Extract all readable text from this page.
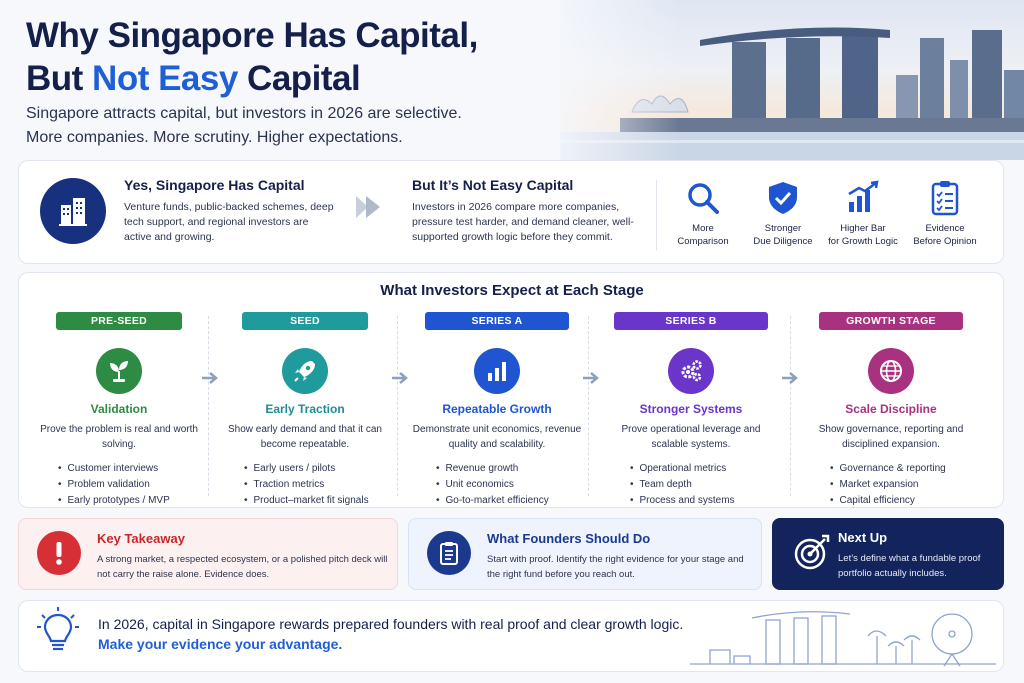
Why Singapore Has Capital,
But Not Easy Capital
Singapore attracts capital, but investors in 2026 are selective.
More companies. More scrutiny. Higher expectations.
Yes, Singapore Has Capital
Venture funds, public-backed schemes, deep tech support, and regional investors are active and growing.
But It’s Not Easy Capital
Investors in 2026 compare more companies, pressure test harder, and demand cleaner, well-supported growth logic before they commit.
More
Comparison
Stronger
Due Diligence
Higher Bar
for Growth Logic
Evidence
Before Opinion
What Investors Expect at Each Stage
PRE-SEED
Validation
Prove the problem is real and worth solving.
• Customer interviews
• Problem validation
• Early prototypes / MVP
SEED
Early Traction
Show early demand and that it can become repeatable.
• Early users / pilots
• Traction metrics
• Product–market fit signals
SERIES A
Repeatable Growth
Demonstrate unit economics, revenue quality and scalability.
• Revenue growth
• Unit economics
• Go-to-market efficiency
SERIES B
Stronger Systems
Prove operational leverage and scalable systems.
• Operational metrics
• Team depth
• Process and systems
GROWTH STAGE
Scale Discipline
Show governance, reporting and disciplined expansion.
• Governance & reporting
• Market expansion
• Capital efficiency
Key Takeaway
A strong market, a respected ecosystem, or a polished pitch deck will not carry the raise alone. Evidence does.
What Founders Should Do
Start with proof. Identify the right evidence for your stage and the right fund before you reach out.
Next Up
Let’s define what a fundable proof portfolio actually includes.
In 2026, capital in Singapore rewards prepared founders with real proof and clear growth logic.
Make your evidence your advantage.
